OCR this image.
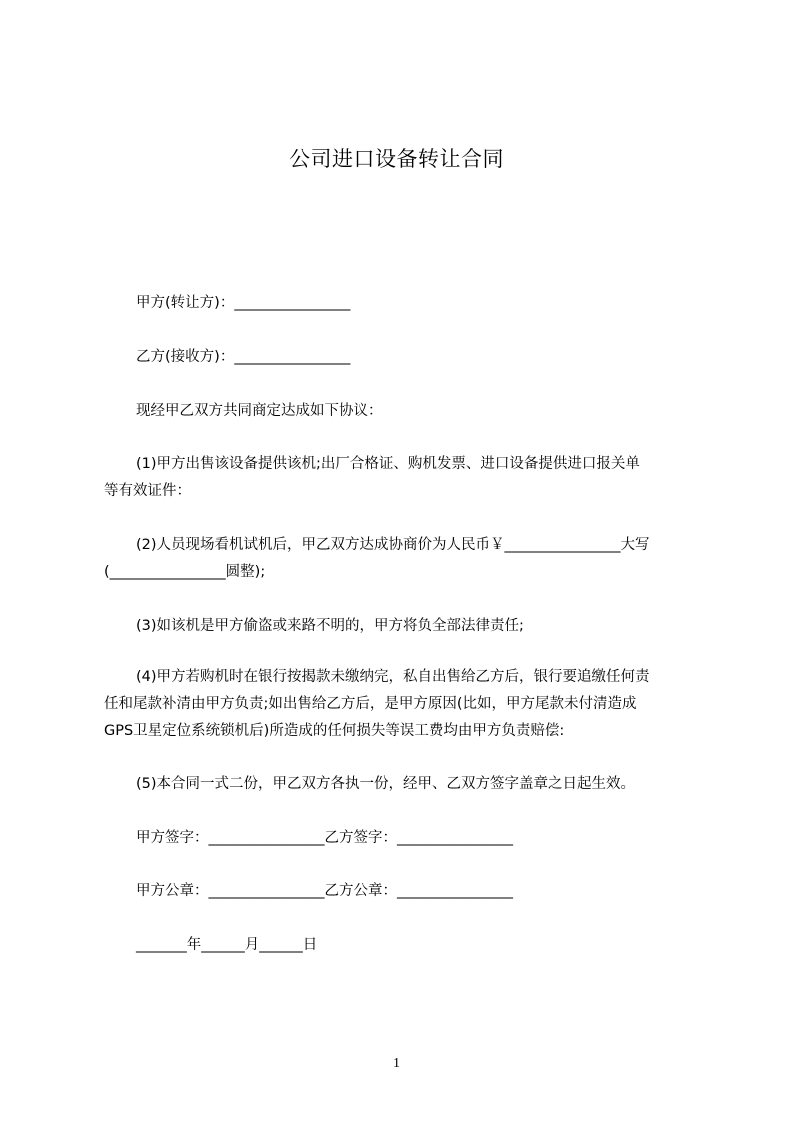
公司进口设备转让合同
甲方(转让方)：________________
乙方(接收方)：________________
现经甲乙双方共同商定达成如下协议：
(1)甲方出售该设备提供该机;出厂合格证、购机发票、进口设备提供进口报关单
等有效证件：
(2)人员现场看机试机后，甲乙双方达成协商价为人民币￥________________大写
(________________圆整);
(3)如该机是甲方偷盗或来路不明的，甲方将负全部法律责任;
(4)甲方若购机时在银行按揭款未缴纳完，私自出售给乙方后，银行要追缴任何责
任和尾款补清由甲方负责;如出售给乙方后，是甲方原因(比如，甲方尾款未付清造成
GPS卫星定位系统锁机后)所造成的任何损失等误工费均由甲方负责赔偿:
(5)本合同一式二份，甲乙双方各执一份，经甲、乙双方签字盖章之日起生效。
甲方签字：________________乙方签字：________________
甲方公章：________________乙方公章：________________
_______年______月______日
1
